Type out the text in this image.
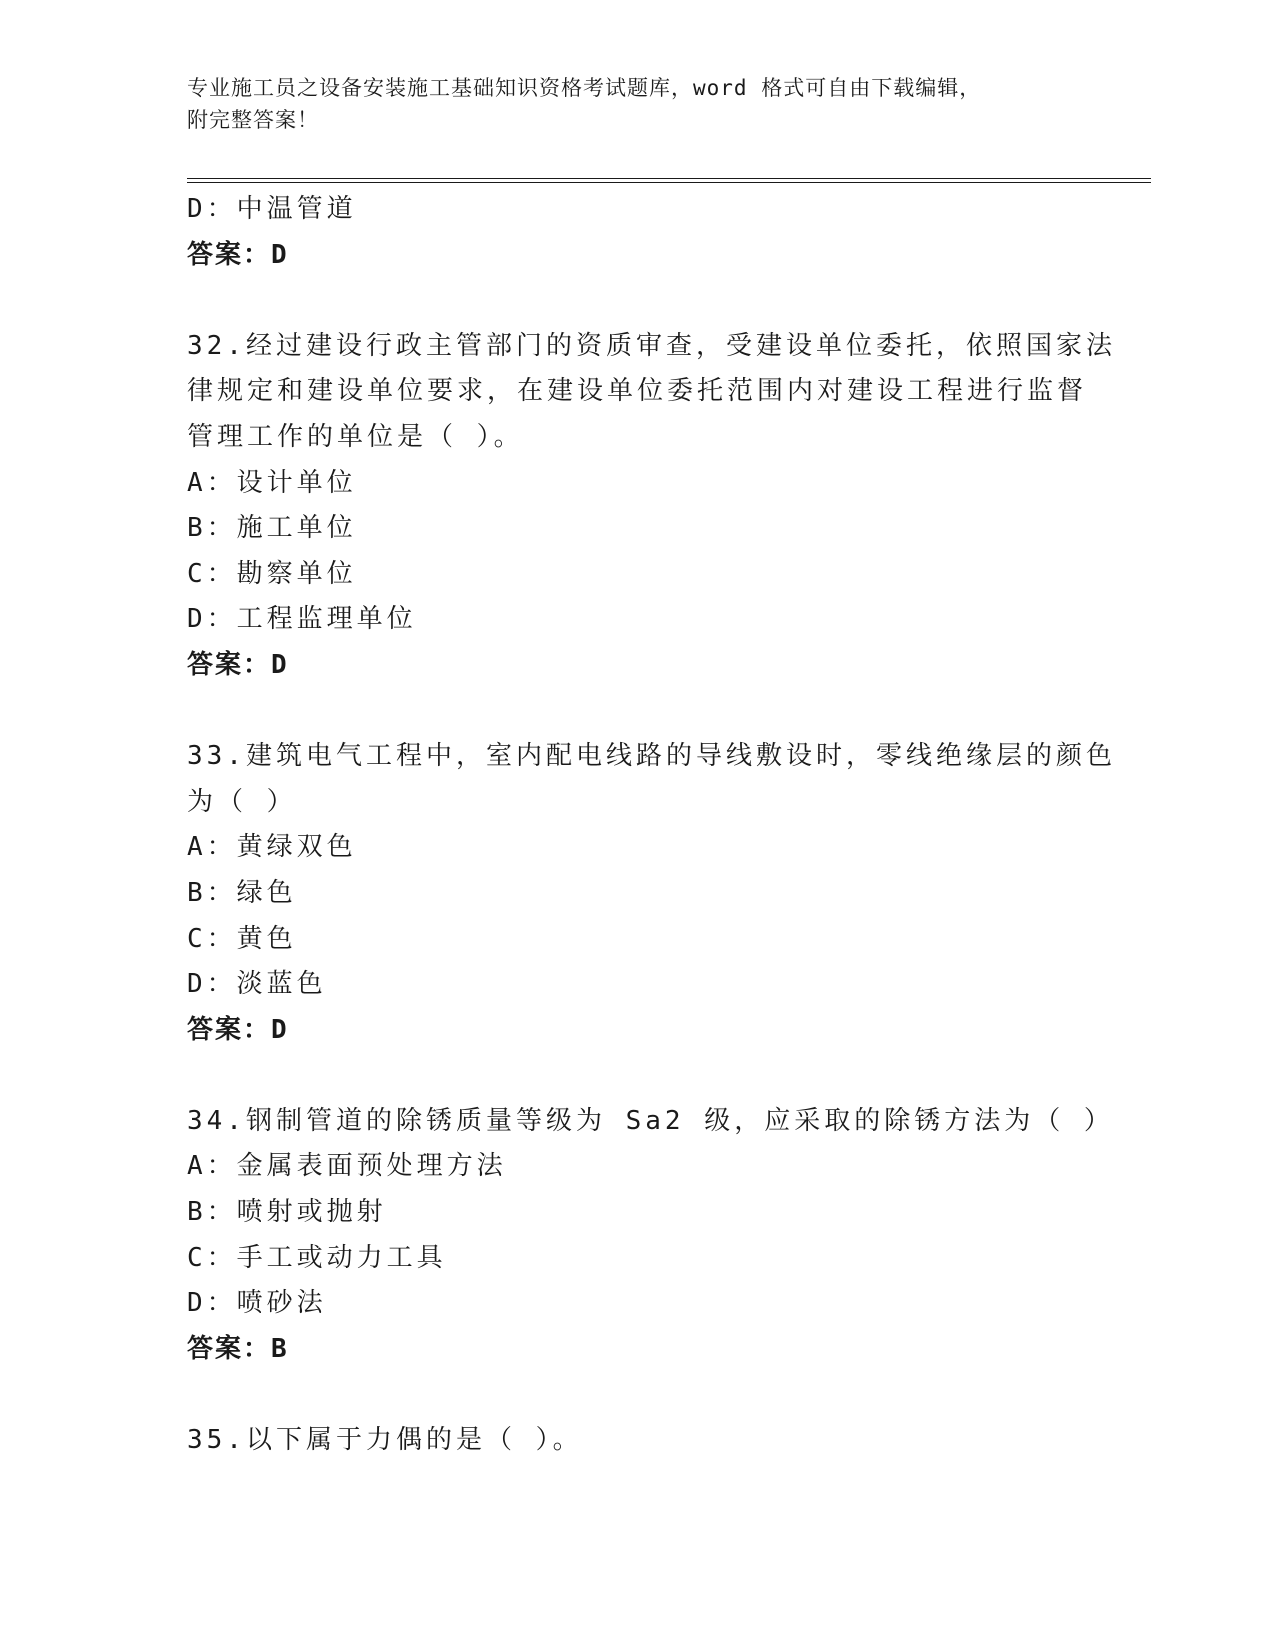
专业施工员之设备安装施工基础知识资格考试题库，word 格式可自由下载编辑，
附完整答案！
D：中温管道
答案：D
32.经过建设行政主管部门的资质审查，受建设单位委托，依照国家法
律规定和建设单位要求，在建设单位委托范围内对建设工程进行监督
管理工作的单位是（ ）。
A：设计单位
B：施工单位
C：勘察单位
D：工程监理单位
答案：D
33.建筑电气工程中，室内配电线路的导线敷设时，零线绝缘层的颜色
为（ ）
A：黄绿双色
B：绿色
C：黄色
D：淡蓝色
答案：D
34.钢制管道的除锈质量等级为 Sa2 级，应采取的除锈方法为（ ）
A：金属表面预处理方法
B：喷射或抛射
C：手工或动力工具
D：喷砂法
答案：B
35.以下属于力偶的是（ ）。
